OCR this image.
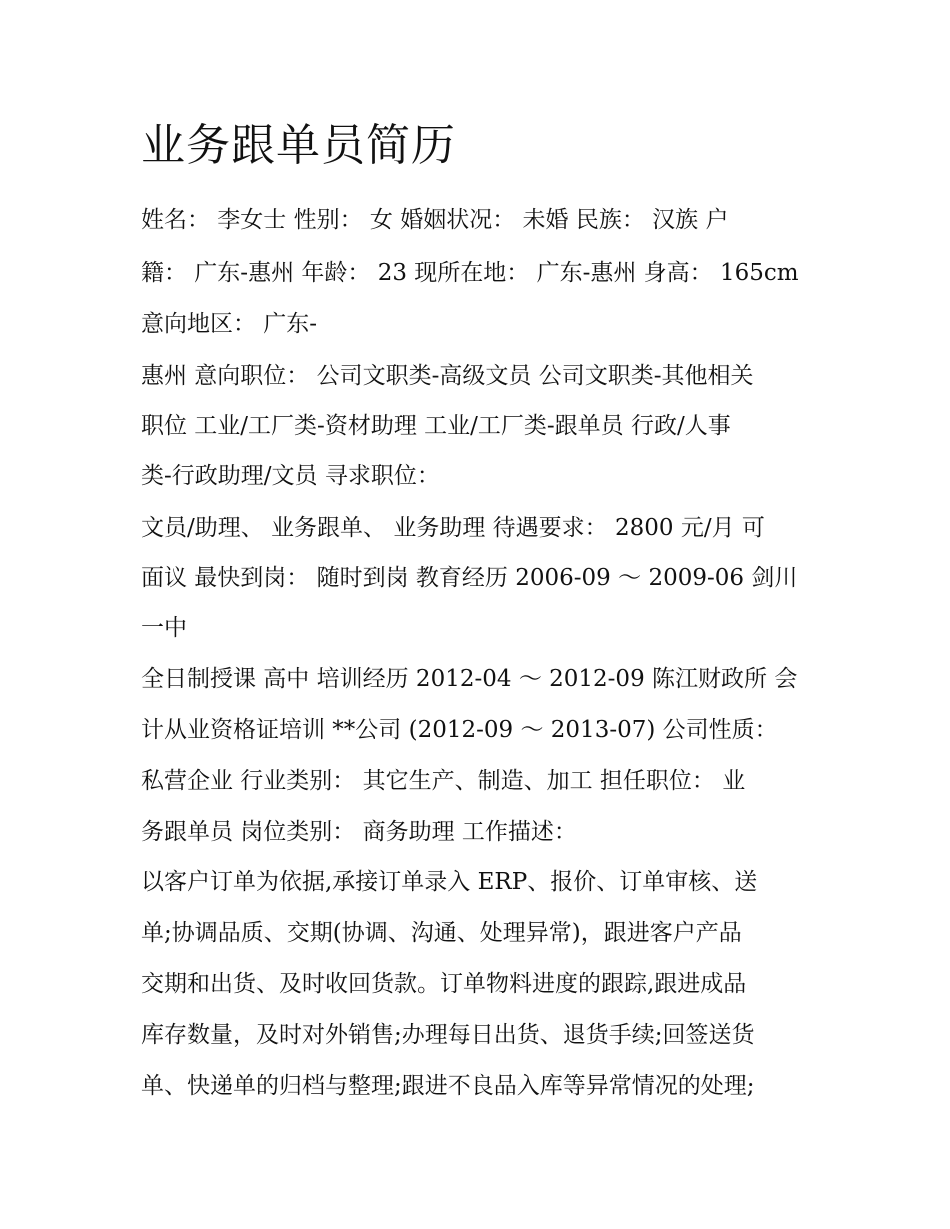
业务跟单员简历

姓名： 李女士 性别： 女 婚姻状况： 未婚 民族： 汉族 户

籍： 广东-惠州 年龄： 23 现所在地： 广东-惠州 身高： 165cm

意向地区： 广东-

惠州 意向职位： 公司文职类-高级文员 公司文职类-其他相关

职位 工业/工厂类-资材助理 工业/工厂类-跟单员 行政/人事

类-行政助理/文员 寻求职位：

文员/助理、 业务跟单、 业务助理 待遇要求： 2800 元/月 可

面议 最快到岗： 随时到岗 教育经历 2006-09 ～ 2009-06 剑川

一中

全日制授课 高中 培训经历 2012-04 ～ 2012-09 陈江财政所 会

计从业资格证培训 **公司 (2012-09 ～ 2013-07) 公司性质：

私营企业 行业类别： 其它生产、制造、加工 担任职位： 业

务跟单员 岗位类别： 商务助理 工作描述：

以客户订单为依据,承接订单录入 ERP、报价、订单审核、送

单;协调品质、交期(协调、沟通、处理异常)，跟进客户产品

交期和出货、及时收回货款。订单物料进度的跟踪,跟进成品

库存数量，及时对外销售;办理每日出货、退货手续;回签送货

单、快递单的归档与整理;跟进不良品入库等异常情况的处理;
